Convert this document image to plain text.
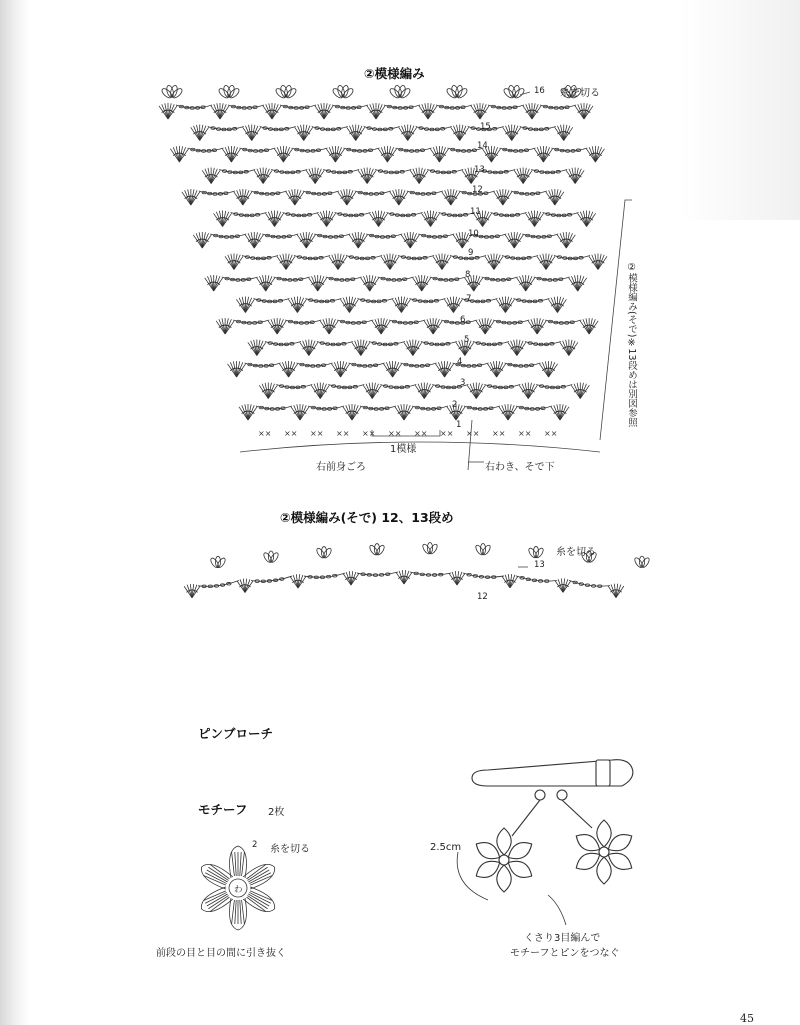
×× ×× ×× ×× ×× ×× ×× ×× ×× ×× ×× ××
②模様編み
糸を切る
1模様
右前身ごろ	右わき、そで下
②模様編み(そで)※13段めは別図参照
16
15
14
13
12
11
10
9
8
7
6
5
4
3
2
1
②模様編み(そで) 12、13段め
糸を切る
13
12
ピンブローチ
モチーフ 2枚
2 糸を切る
わ
前段の目と目の間に引き抜く
2.5cm
くさり3目編んで
モチーフとピンをつなぐ
45
